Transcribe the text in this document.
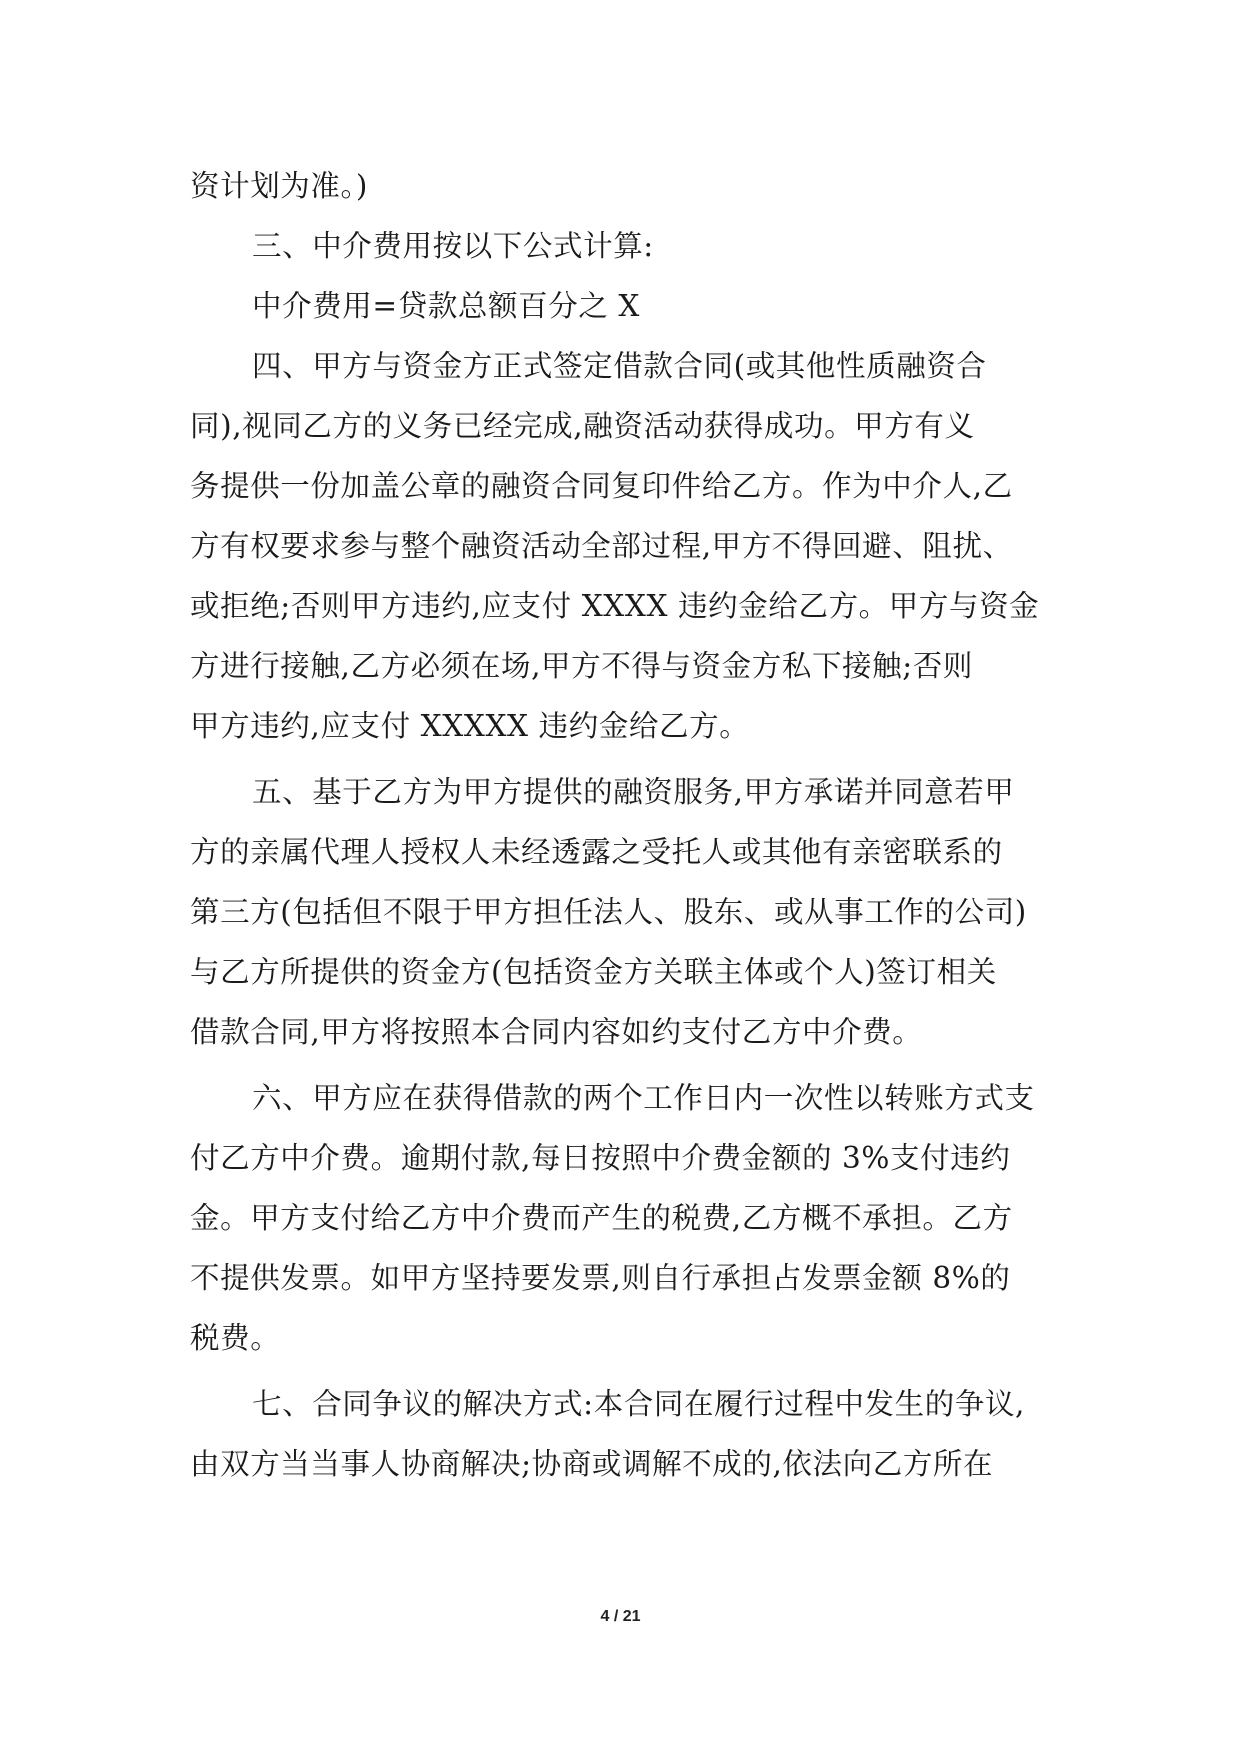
资计划为准。)
三、中介费用按以下公式计算:
中介费用=贷款总额百分之 X
四、甲方与资金方正式签定借款合同(或其他性质融资合
同),视同乙方的义务已经完成,融资活动获得成功。甲方有义
务提供一份加盖公章的融资合同复印件给乙方。作为中介人,乙
方有权要求参与整个融资活动全部过程,甲方不得回避、阻扰、
或拒绝;否则甲方违约,应支付 XXXX 违约金给乙方。甲方与资金
方进行接触,乙方必须在场,甲方不得与资金方私下接触;否则
甲方违约,应支付 XXXXX 违约金给乙方。
五、基于乙方为甲方提供的融资服务,甲方承诺并同意若甲
方的亲属代理人授权人未经透露之受托人或其他有亲密联系的
第三方(包括但不限于甲方担任法人、股东、或从事工作的公司)
与乙方所提供的资金方(包括资金方关联主体或个人)签订相关
借款合同,甲方将按照本合同内容如约支付乙方中介费。
六、甲方应在获得借款的两个工作日内一次性以转账方式支
付乙方中介费。逾期付款,每日按照中介费金额的 3%支付违约
金。甲方支付给乙方中介费而产生的税费,乙方概不承担。乙方
不提供发票。如甲方坚持要发票,则自行承担占发票金额 8%的
税费。
七、合同争议的解决方式:本合同在履行过程中发生的争议,
由双方当当事人协商解决;协商或调解不成的,依法向乙方所在
4 / 21
